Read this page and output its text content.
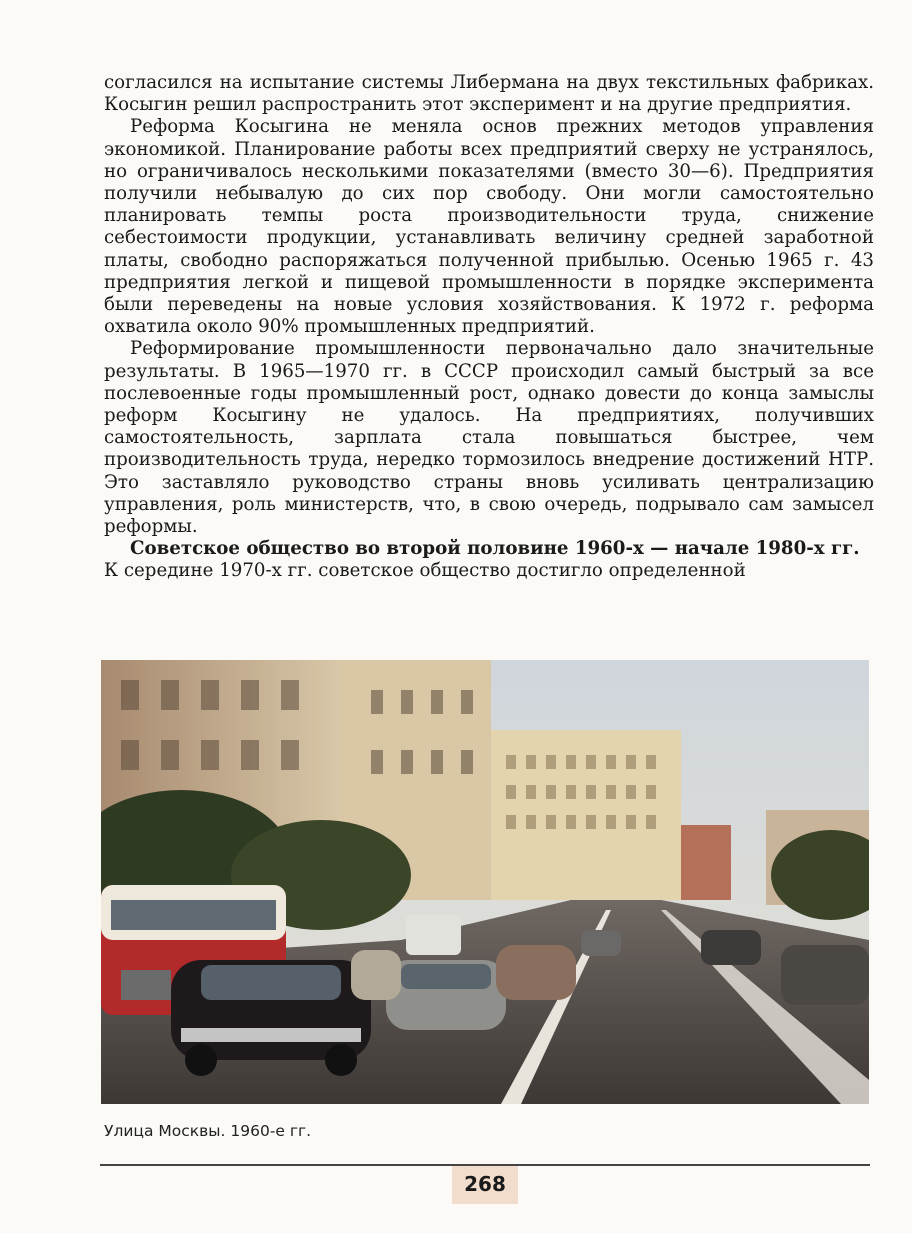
согласился на испытание системы Либермана на двух текстильных фабриках. Косыгин решил распространить этот эксперимент и на другие предприятия.

Реформа Косыгина не меняла основ прежних методов управления экономикой. Планирование работы всех предприятий сверху не устранялось, но ограничивалось несколькими показателями (вместо 30—6). Предприятия получили небывалую до сих пор свободу. Они могли самостоятельно планировать темпы роста производительности труда, снижение себестоимости продукции, устанавливать величину средней заработной платы, свободно распоряжаться полученной прибылью. Осенью 1965 г. 43 предприятия легкой и пищевой промышленности в порядке эксперимента были переведены на новые условия хозяйствования. К 1972 г. реформа охватила около 90% промышленных предприятий.

Реформирование промышленности первоначально дало значительные результаты. В 1965—1970 гг. в СССР происходил самый быстрый за все послевоенные годы промышленный рост, однако довести до конца замыслы реформ Косыгину не удалось. На предприятиях, получивших самостоятельность, зарплата стала повышаться быстрее, чем производительность труда, нередко тормозилось внедрение достижений НТР. Это заставляло руководство страны вновь усиливать централизацию управления, роль министерств, что, в свою очередь, подрывало сам замысел реформы.

Советское общество во второй половине 1960-х — начале 1980-х гг.
К середине 1970-х гг. советское общество достигло определенной

Улица Москвы. 1960-е гг.
268
